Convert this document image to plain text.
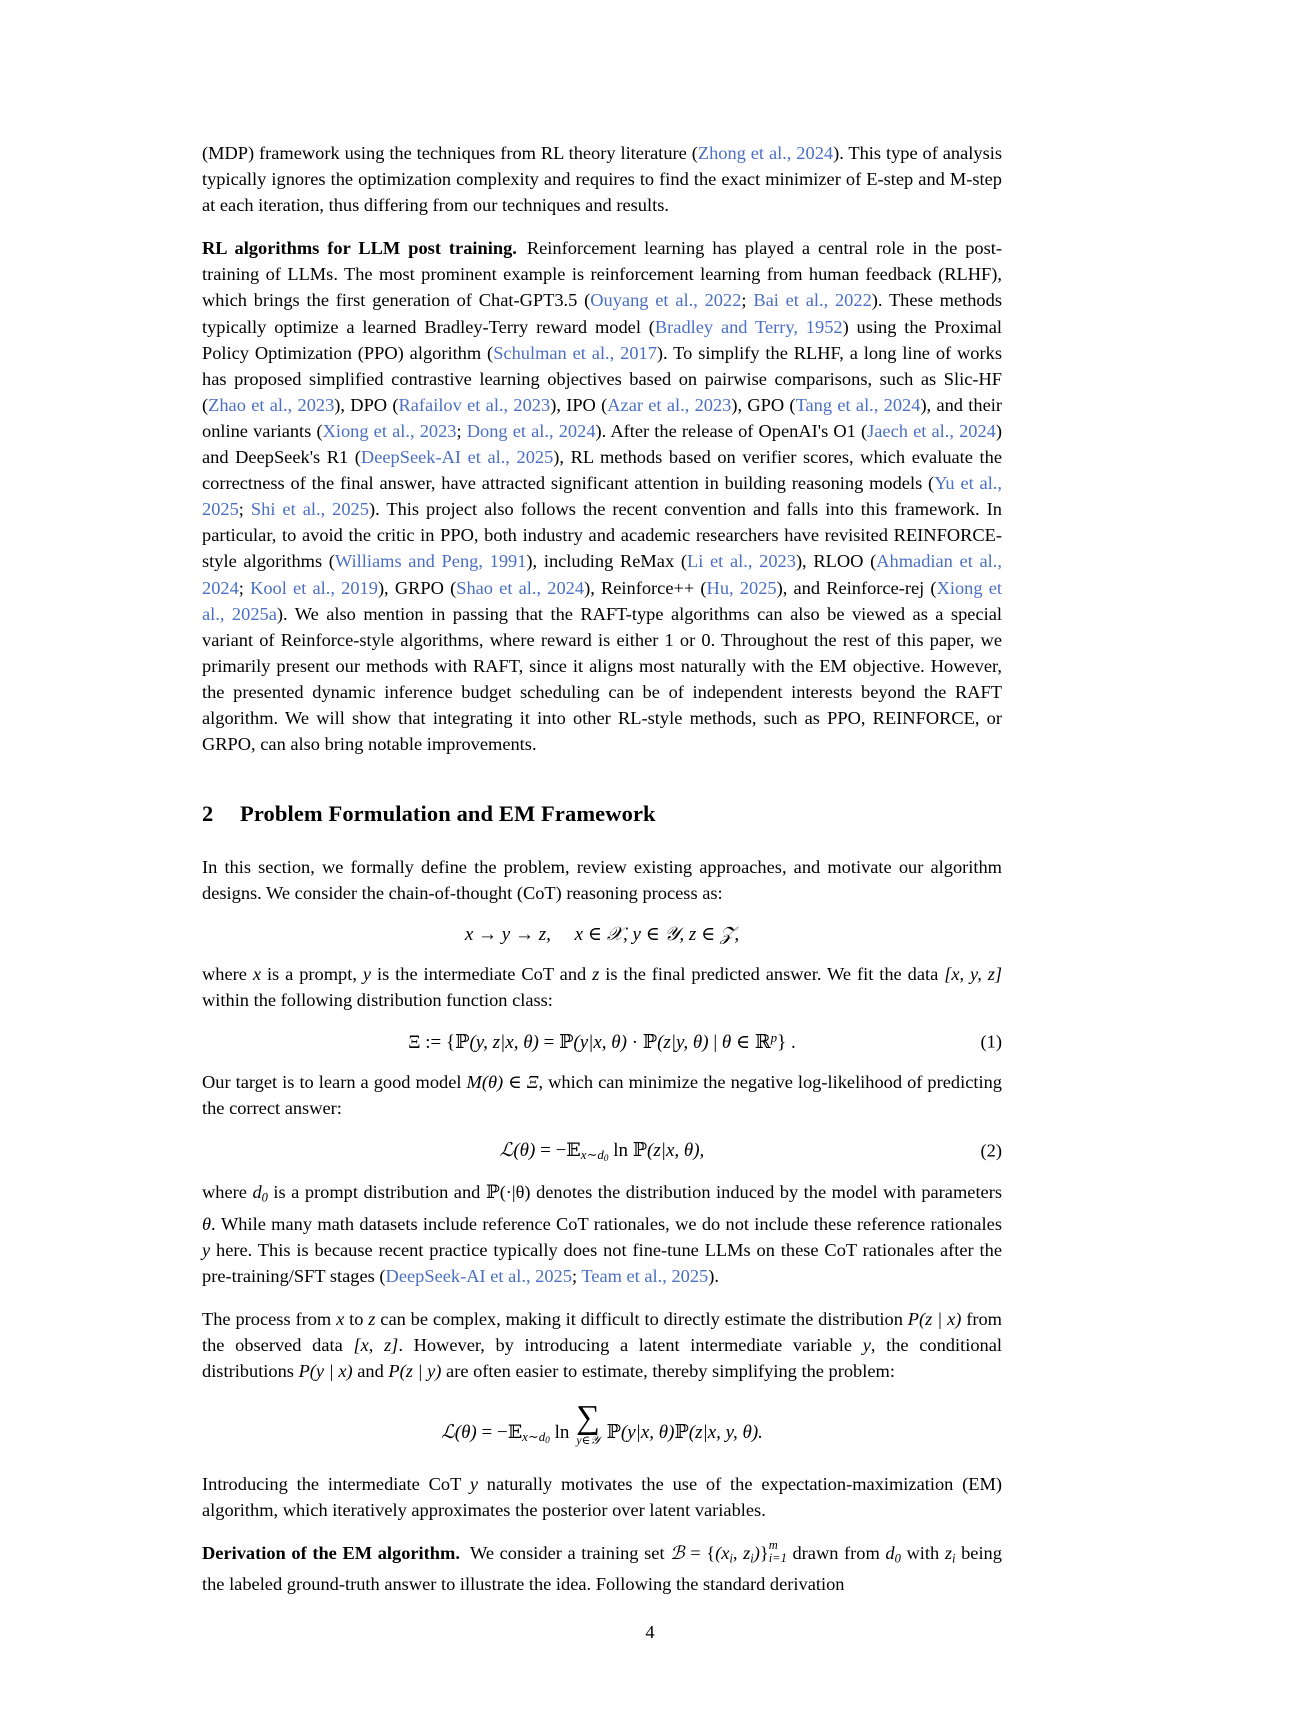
(MDP) framework using the techniques from RL theory literature (Zhong et al., 2024). This type of analysis typically ignores the optimization complexity and requires to find the exact minimizer of E-step and M-step at each iteration, thus differing from our techniques and results.

RL algorithms for LLM post training. Reinforcement learning has played a central role in the post-training of LLMs. The most prominent example is reinforcement learning from human feedback (RLHF), which brings the first generation of Chat-GPT3.5 (Ouyang et al., 2022; Bai et al., 2022). These methods typically optimize a learned Bradley-Terry reward model (Bradley and Terry, 1952) using the Proximal Policy Optimization (PPO) algorithm (Schulman et al., 2017). To simplify the RLHF, a long line of works has proposed simplified contrastive learning objectives based on pairwise comparisons, such as Slic-HF (Zhao et al., 2023), DPO (Rafailov et al., 2023), IPO (Azar et al., 2023), GPO (Tang et al., 2024), and their online variants (Xiong et al., 2023; Dong et al., 2024). After the release of OpenAI's O1 (Jaech et al., 2024) and DeepSeek's R1 (DeepSeek-AI et al., 2025), RL methods based on verifier scores, which evaluate the correctness of the final answer, have attracted significant attention in building reasoning models (Yu et al., 2025; Shi et al., 2025). This project also follows the recent convention and falls into this framework. In particular, to avoid the critic in PPO, both industry and academic researchers have revisited REINFORCE-style algorithms (Williams and Peng, 1991), including ReMax (Li et al., 2023), RLOO (Ahmadian et al., 2024; Kool et al., 2019), GRPO (Shao et al., 2024), Reinforce++ (Hu, 2025), and Reinforce-rej (Xiong et al., 2025a). We also mention in passing that the RAFT-type algorithms can also be viewed as a special variant of Reinforce-style algorithms, where reward is either 1 or 0. Throughout the rest of this paper, we primarily present our methods with RAFT, since it aligns most naturally with the EM objective. However, the presented dynamic inference budget scheduling can be of independent interests beyond the RAFT algorithm. We will show that integrating it into other RL-style methods, such as PPO, REINFORCE, or GRPO, can also bring notable improvements.

2 Problem Formulation and EM Framework

In this section, we formally define the problem, review existing approaches, and motivate our algorithm designs. We consider the chain-of-thought (CoT) reasoning process as:

x → y → z,     x ∈ 𝒳, y ∈ 𝒴, z ∈ 𝒵,

where x is a prompt, y is the intermediate CoT and z is the final predicted answer. We fit the data [x, y, z] within the following distribution function class:

Ξ := {ℙ(y, z|x, θ) = ℙ(y|x, θ) · ℙ(z|y, θ) | θ ∈ ℝ$^p$} .	(1)

Our target is to learn a good model M(θ) ∈ Ξ, which can minimize the negative log-likelihood of predicting the correct answer:

ℒ(θ) = −𝔼$_{x\sim d0}$ ln ℙ(z|x, θ),	(2)

where $d_0$ is a prompt distribution and ℙ(·|θ) denotes the distribution induced by the model with parameters θ. While many math datasets include reference CoT rationales, we do not include these reference rationales y here. This is because recent practice typically does not fine-tune LLMs on these CoT rationales after the pre-training/SFT stages (DeepSeek-AI et al., 2025; Team et al., 2025).

The process from x to z can be complex, making it difficult to directly estimate the distribution P(z | x) from the observed data [x, z]. However, by introducing a latent intermediate variable y, the conditional distributions P(y | x) and P(z | y) are often easier to estimate, thereby simplifying the problem:

ℒ(θ) = −𝔼$_{x\sim d0}$ ln ∑
y∈𝒴 ℙ(y|x, θ)ℙ(z|x, y, θ).

Introducing the intermediate CoT y naturally motivates the use of the expectation-maximization (EM) algorithm, which iteratively approximates the posterior over latent variables.

Derivation of the EM algorithm. We consider a training set ℬ = {($x_i$, $z_i$)} m
i=1 drawn from $d_0$ with $z_i$ being the labeled ground-truth answer to illustrate the idea. Following the standard derivation

4
